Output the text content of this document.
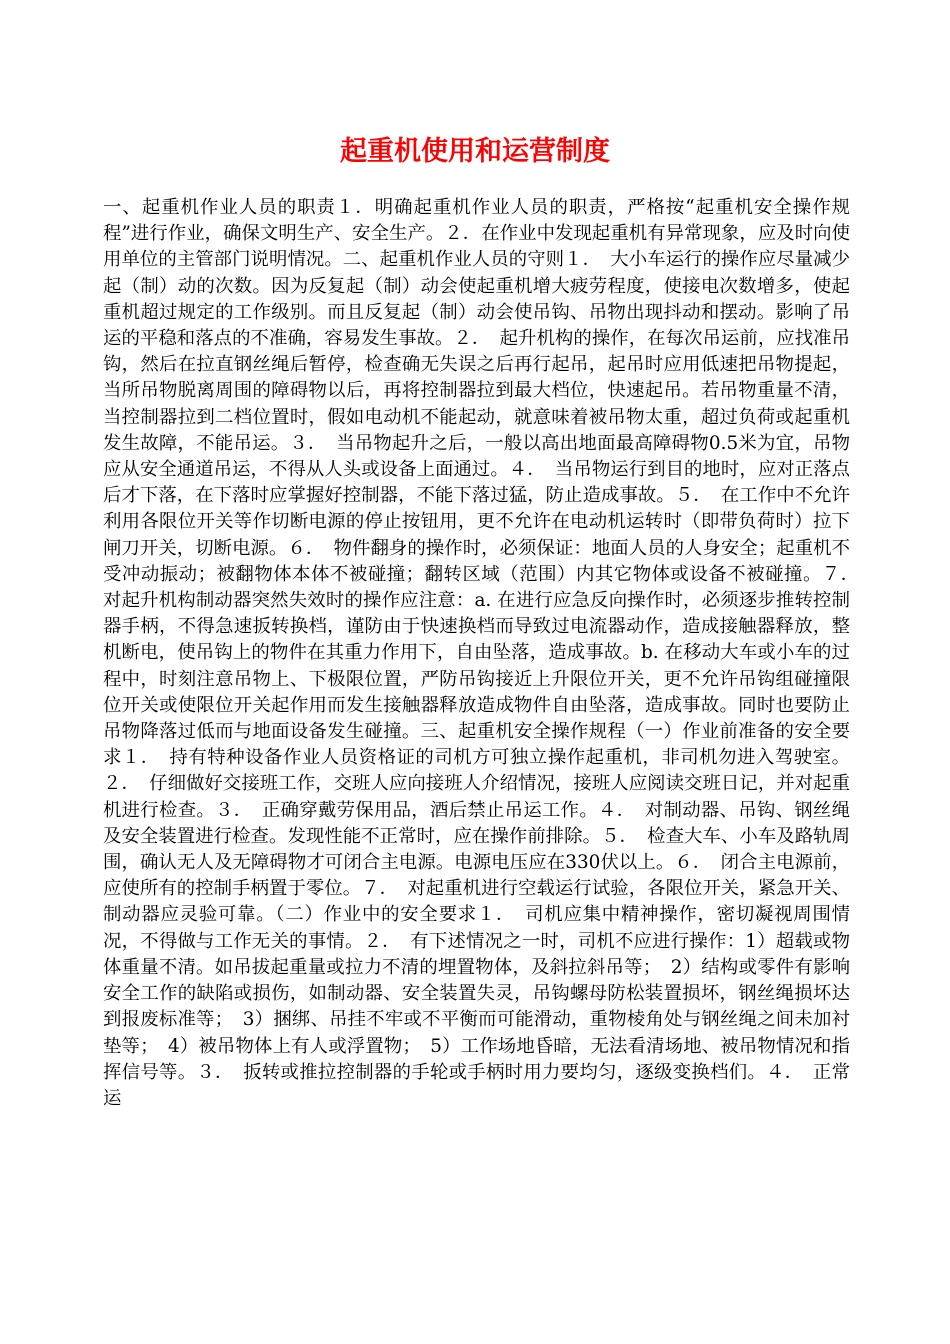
起重机使用和运营制度

一、起重机作业人员的职责１．明确起重机作业人员的职责，严格按“起重机安全操作规程”进行作业，确保文明生产、安全生产。２．在作业中发现起重机有异常现象，应及时向使用单位的主管部门说明情况。二、起重机作业人员的守则１．　大小车运行的操作应尽量减少起（制）动的次数。因为反复起（制）动会使起重机增大疲劳程度，使接电次数增多，使起重机超过规定的工作级别。而且反复起（制）动会使吊钩、吊物出现抖动和摆动。影响了吊运的平稳和落点的不准确，容易发生事故。２．　起升机构的操作，在每次吊运前，应找准吊钩，然后在拉直钢丝绳后暂停，检查确无失误之后再行起吊，起吊时应用低速把吊物提起，当所吊物脱离周围的障碍物以后，再将控制器拉到最大档位，快速起吊。若吊物重量不清，当控制器拉到二档位置时，假如电动机不能起动，就意味着被吊物太重，超过负荷或起重机发生故障，不能吊运。３．　当吊物起升之后，一般以高出地面最高障碍物0.5米为宜，吊物应从安全通道吊运，不得从人头或设备上面通过。４．　当吊物运行到目的地时，应对正落点后才下落，在下落时应掌握好控制器，不能下落过猛，防止造成事故。５．　在工作中不允许利用各限位开关等作切断电源的停止按钮用，更不允许在电动机运转时（即带负荷时）拉下闸刀开关，切断电源。６．　物件翻身的操作时，必须保证：地面人员的人身安全；起重机不受冲动振动；被翻物体本体不被碰撞；翻转区域（范围）内其它物体或设备不被碰撞。７．　对起升机构制动器突然失效时的操作应注意：a. 在进行应急反向操作时，必须逐步推转控制器手柄，不得急速扳转换档，谨防由于快速换档而导致过电流器动作，造成接触器释放，整机断电，使吊钩上的物件在其重力作用下，自由坠落，造成事故。b. 在移动大车或小车的过程中，时刻注意吊物上、下极限位置，严防吊钩接近上升限位开关，更不允许吊钩组碰撞限位开关或使限位开关起作用而发生接触器释放造成物件自由坠落，造成事故。同时也要防止吊物降落过低而与地面设备发生碰撞。三、起重机安全操作规程（一）作业前准备的安全要求１．　持有特种设备作业人员资格证的司机方可独立操作起重机，非司机勿进入驾驶室。２．　仔细做好交接班工作，交班人应向接班人介绍情况，接班人应阅读交班日记，并对起重机进行检查。３．　正确穿戴劳保用品，酒后禁止吊运工作。４．　对制动器、吊钩、钢丝绳及安全装置进行检查。发现性能不正常时，应在操作前排除。５．　检查大车、小车及路轨周围，确认无人及无障碍物才可闭合主电源。电源电压应在330伏以上。６．　闭合主电源前，应使所有的控制手柄置于零位。７．　对起重机进行空载运行试验，各限位开关，紧急开关、制动器应灵验可靠。（二）作业中的安全要求１．　司机应集中精神操作，密切凝视周围情况，不得做与工作无关的事情。２．　有下述情况之一时，司机不应进行操作：1）超载或物体重量不清。如吊拔起重量或拉力不清的埋置物体，及斜拉斜吊等；　2）结构或零件有影响安全工作的缺陷或损伤，如制动器、安全装置失灵，吊钩螺母防松装置损坏，钢丝绳损坏达到报废标准等；　3）捆绑、吊挂不牢或不平衡而可能滑动，重物棱角处与钢丝绳之间未加衬垫等；　4）被吊物体上有人或浮置物；　5）工作场地昏暗，无法看清场地、被吊物情况和指挥信号等。３．　扳转或推拉控制器的手轮或手柄时用力要均匀，逐级变换档们。４．　正常运
